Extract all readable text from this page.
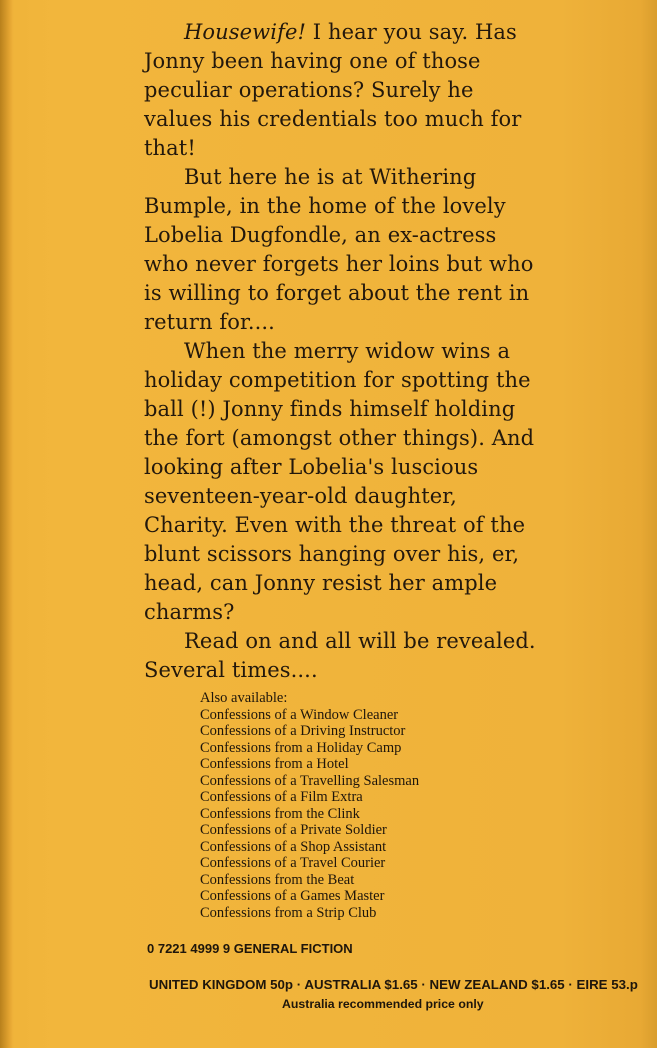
Housewife! I hear you say. Has Jonny been having one of those peculiar operations? Surely he values his credentials too much for that!

But here he is at Withering Bumple, in the home of the lovely Lobelia Dugfondle, an ex-actress who never forgets her loins but who is willing to forget about the rent in return for....

When the merry widow wins a holiday competition for spotting the ball (!) Jonny finds himself holding the fort (amongst other things). And looking after Lobelia's luscious seventeen-year-old daughter, Charity. Even with the threat of the blunt scissors hanging over his, er, head, can Jonny resist her ample charms?

Read on and all will be revealed. Several times....

Also available:

Confessions of a Window Cleaner
Confessions of a Driving Instructor
Confessions from a Holiday Camp
Confessions from a Hotel
Confessions of a Travelling Salesman
Confessions of a Film Extra
Confessions from the Clink
Confessions of a Private Soldier
Confessions of a Shop Assistant
Confessions of a Travel Courier
Confessions from the Beat
Confessions of a Games Master
Confessions from a Strip Club
0 7221 4999 9 GENERAL FICTION
UNITED KINGDOM 50p · AUSTRALIA $1.65 · NEW ZEALAND $1.65 · EIRE 53.p
Australia recommended price only
